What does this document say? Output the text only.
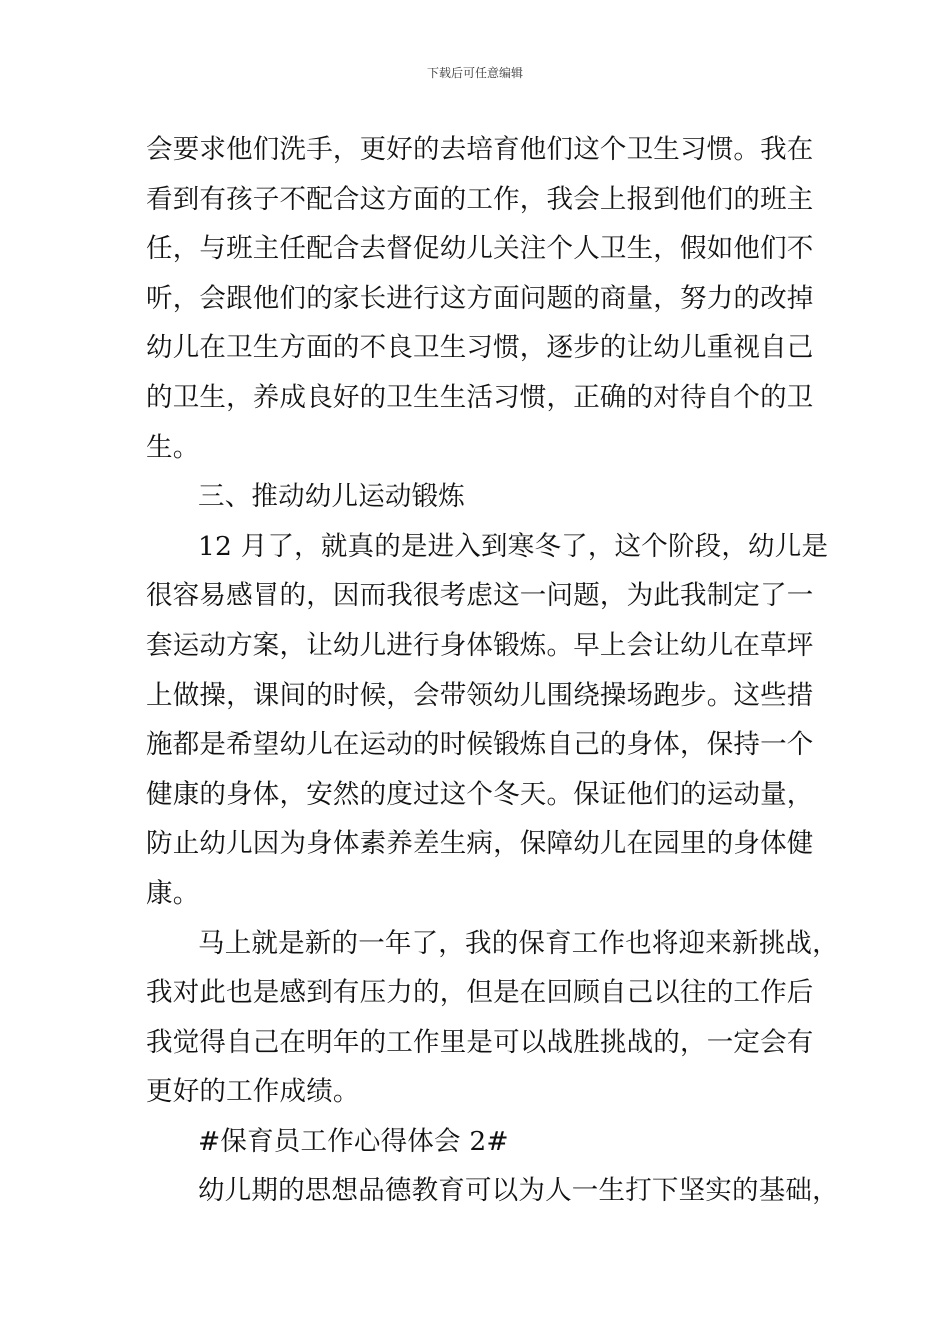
下载后可任意编辑
会要求他们洗手，更好的去培育他们这个卫生习惯。我在
看到有孩子不配合这方面的工作，我会上报到他们的班主
任，与班主任配合去督促幼儿关注个人卫生，假如他们不
听，会跟他们的家长进行这方面问题的商量，努力的改掉
幼儿在卫生方面的不良卫生习惯，逐步的让幼儿重视自己
的卫生，养成良好的卫生生活习惯，正确的对待自个的卫
生。
三、推动幼儿运动锻炼
12 月了，就真的是进入到寒冬了，这个阶段，幼儿是
很容易感冒的，因而我很考虑这一问题，为此我制定了一
套运动方案，让幼儿进行身体锻炼。早上会让幼儿在草坪
上做操，课间的时候，会带领幼儿围绕操场跑步。这些措
施都是希望幼儿在运动的时候锻炼自己的身体，保持一个
健康的身体，安然的度过这个冬天。保证他们的运动量，
防止幼儿因为身体素养差生病，保障幼儿在园里的身体健
康。
马上就是新的一年了，我的保育工作也将迎来新挑战，
我对此也是感到有压力的，但是在回顾自己以往的工作后
我觉得自己在明年的工作里是可以战胜挑战的，一定会有
更好的工作成绩。
#保育员工作心得体会 2#
幼儿期的思想品德教育可以为人一生打下坚实的基础，
